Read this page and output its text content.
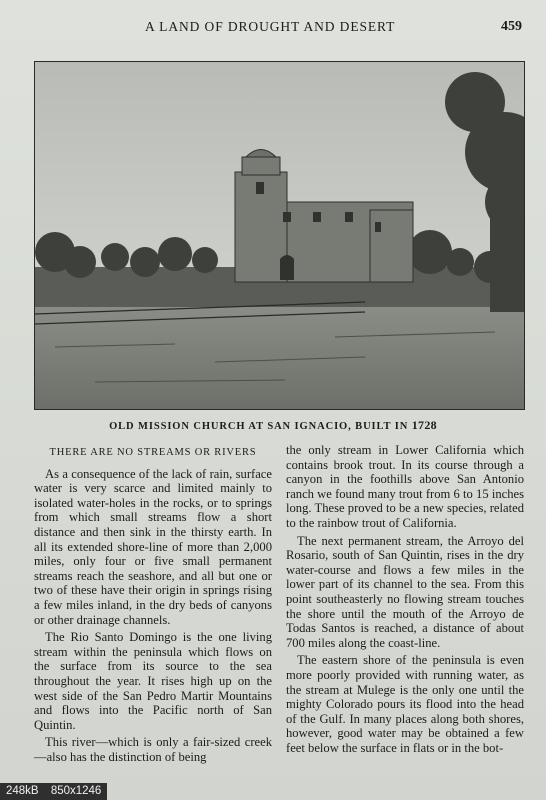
A LAND OF DROUGHT AND DESERT	459
OLD MISSION CHURCH AT SAN IGNACIO, BUILT IN 1728
THERE ARE NO STREAMS OR RIVERS

As a consequence of the lack of rain, surface water is very scarce and limited mainly to isolated water-holes in the rocks, or to springs from which small streams flow a short distance and then sink in the thirsty earth. In all its extended shore-line of more than 2,000 miles, only four or five small permanent streams reach the seashore, and all but one or two of these have their origin in springs rising a few miles inland, in the dry beds of canyons or other drainage channels.

The Rio Santo Domingo is the one living stream within the peninsula which flows on the surface from its source to the sea throughout the year. It rises high up on the west side of the San Pedro Martir Mountains and flows into the Pacific north of San Quintin.

This river—which is only a fair-sized creek—also has the distinction of being

the only stream in Lower California which contains brook trout. In its course through a canyon in the foothills above San Antonio ranch we found many trout from 6 to 15 inches long. These proved to be a new species, related to the rainbow trout of California.

The next permanent stream, the Arroyo del Rosario, south of San Quintin, rises in the dry water-course and flows a few miles in the lower part of its channel to the sea. From this point southeasterly no flowing stream touches the shore until the mouth of the Arroyo de Todas Santos is reached, a distance of about 700 miles along the coast-line.

The eastern shore of the peninsula is even more poorly provided with running water, as the stream at Mulege is the only one until the mighty Colorado pours its flood into the head of the Gulf. In many places along both shores, however, good water may be obtained a few feet below the surface in flats or in the bot-

248kB 850x1246
